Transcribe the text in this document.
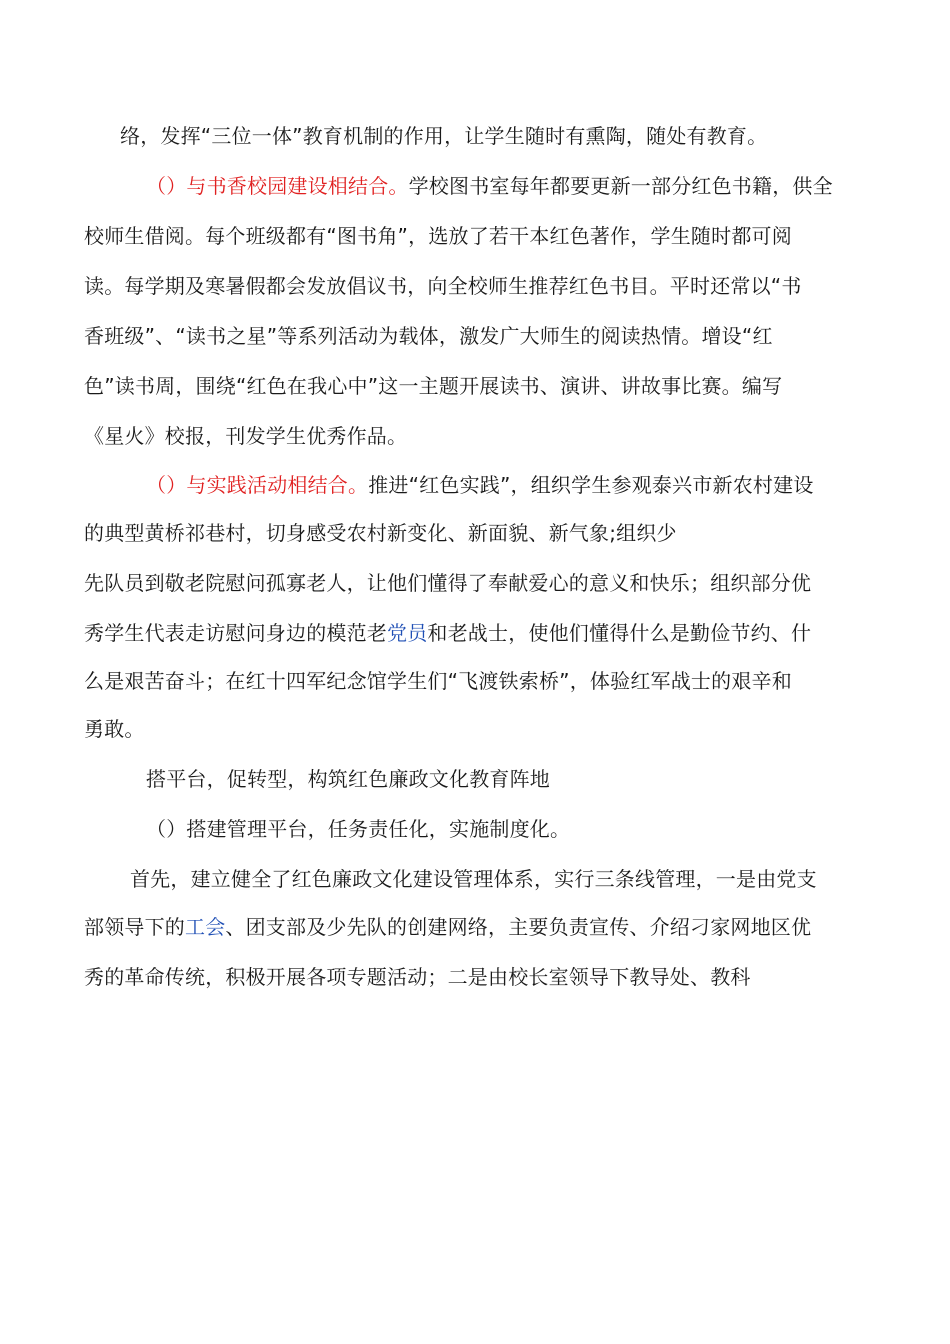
络，发挥“三位一体”教育机制的作用，让学生随时有熏陶，随处有教育。
（）与书香校园建设相结合。学校图书室每年都要更新一部分红色书籍，供全
校师生借阅。每个班级都有“图书角”，选放了若干本红色著作，学生随时都可阅
读。每学期及寒暑假都会发放倡议书，向全校师生推荐红色书目。平时还常以“书
香班级”、“读书之星”等系列活动为载体，激发广大师生的阅读热情。增设“红
色”读书周，围绕“红色在我心中”这一主题开展读书、演讲、讲故事比赛。编写
《星火》校报，刊发学生优秀作品。
（）与实践活动相结合。推进“红色实践”，组织学生参观泰兴市新农村建设
的典型黄桥祁巷村，切身感受农村新变化、新面貌、新气象;组织少
先队员到敬老院慰问孤寡老人，让他们懂得了奉献爱心的意义和快乐；组织部分优
秀学生代表走访慰问身边的模范老党员和老战士，使他们懂得什么是勤俭节约、什
么是艰苦奋斗；在红十四军纪念馆学生们“飞渡铁索桥”，体验红军战士的艰辛和
勇敢。
搭平台，促转型，构筑红色廉政文化教育阵地
（）搭建管理平台，任务责任化，实施制度化。
首先，建立健全了红色廉政文化建设管理体系，实行三条线管理，一是由党支
部领导下的工会、团支部及少先队的创建网络，主要负责宣传、介绍刁家网地区优
秀的革命传统，积极开展各项专题活动；二是由校长室领导下教导处、教科
